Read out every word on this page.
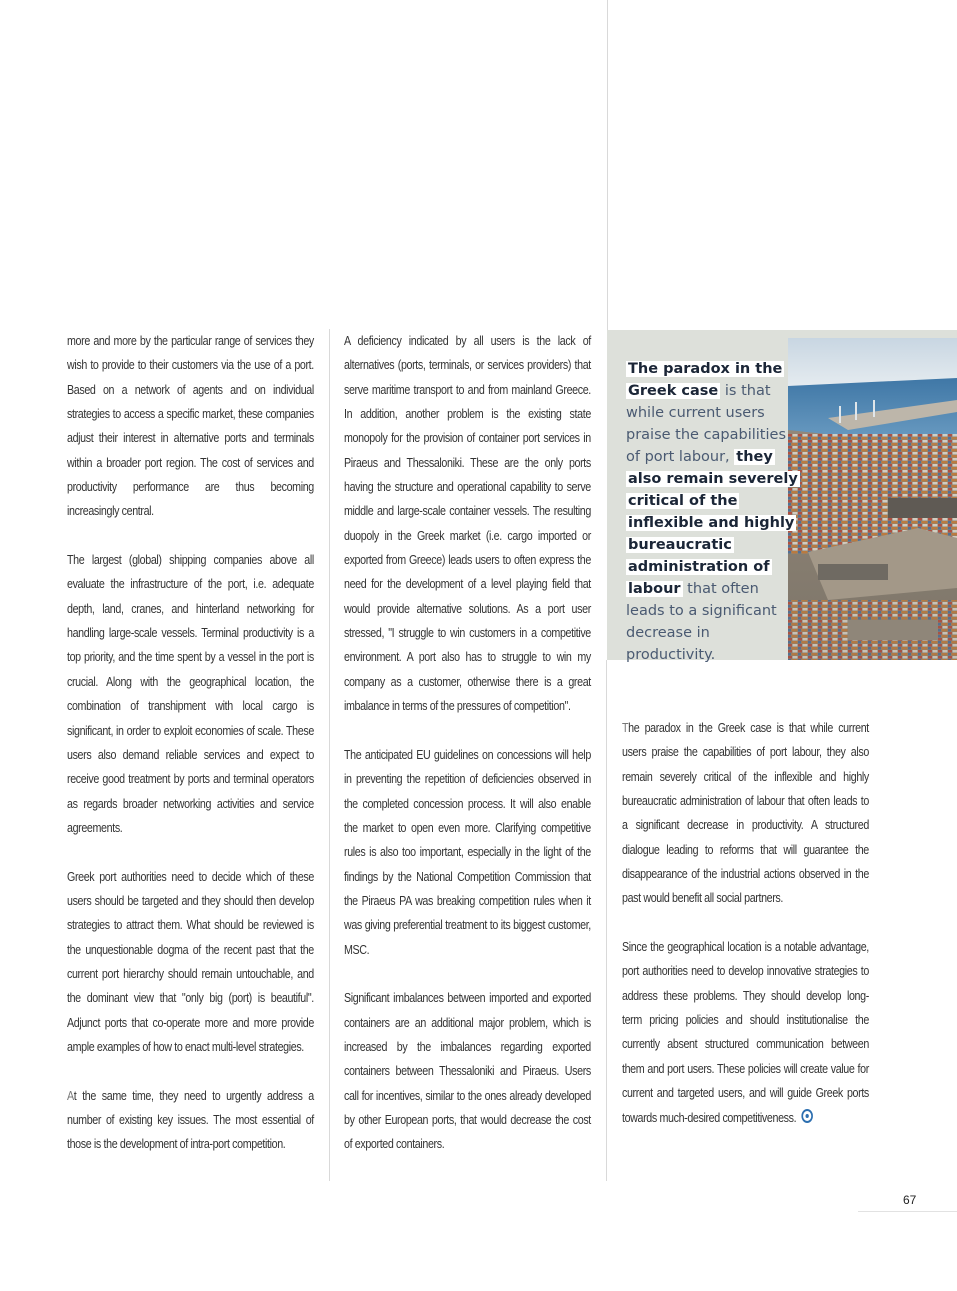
The paradox in the Greek case is that while current users praise the capabilities of port labour, they also remain severely critical of the inflexible and highly bureaucratic administration of labour that often leads to a significant decrease in productivity.

more and more by the particular range of services they wish to provide to their customers via the use of a port. Based on a network of agents and on individual strategies to access a specific market, these companies adjust their interest in alternative ports and terminals within a broader port region. The cost of services and productivity performance are thus becoming increasingly central.

The largest (global) shipping companies above all evaluate the infrastructure of the port, i.e. adequate depth, land, cranes, and hinterland networking for handling large-scale vessels. Terminal productivity is a top priority, and the time spent by a vessel in the port is crucial. Along with the geographical location, the combination of transhipment with local cargo is significant, in order to exploit economies of scale. These users also demand reliable services and expect to receive good treatment by ports and terminal operators as regards broader networking activities and service agreements.

Greek port authorities need to decide which of these users should be targeted and they should then develop strategies to attract them. What should be reviewed is the unquestionable dogma of the recent past that the current port hierarchy should remain untouchable, and the dominant view that "only big (port) is beautiful". Adjunct ports that co-operate more and more provide ample examples of how to enact multi-level strategies.

At the same time, they need to urgently address a number of existing key issues. The most essential of those is the development of intra-port competition.

A deficiency indicated by all users is the lack of alternatives (ports, terminals, or services providers) that serve maritime transport to and from mainland Greece. In addition, another problem is the existing state monopoly for the provision of container port services in Piraeus and Thessaloniki. These are the only ports having the structure and operational capability to serve middle and large-scale container vessels. The resulting duopoly in the Greek market (i.e. cargo imported or exported from Greece) leads users to often express the need for the development of a level playing field that would provide alternative solutions. As a port user stressed, "I struggle to win customers in a competitive environment. A port also has to struggle to win my company as a customer, otherwise there is a great imbalance in terms of the pressures of competition".

The anticipated EU guidelines on concessions will help in preventing the repetition of deficiencies observed in the completed concession process. It will also enable the market to open even more. Clarifying competitive rules is also too important, especially in the light of the findings by the National Competition Commission that the Piraeus PA was breaking competition rules when it was giving preferential treatment to its biggest customer, MSC.

Significant imbalances between imported and exported containers are an additional major problem, which is increased by the imbalances regarding exported containers between Thessaloniki and Piraeus. Users call for incentives, similar to the ones already developed by other European ports, that would decrease the cost of exported containers.

The paradox in the Greek case is that while current users praise the capabilities of port labour, they also remain severely critical of the inflexible and highly bureaucratic administration of labour that often leads to a significant decrease in productivity. A structured dialogue leading to reforms that will guarantee the disappearance of the industrial actions observed in the past would benefit all social partners.

Since the geographical location is a notable advantage, port authorities need to develop innovative strategies to address these problems. They should develop long-term pricing policies and should institutionalise the currently absent structured communication between them and port users. These policies will create value for current and targeted users, and will guide Greek ports towards much-desired competitiveness.

67
